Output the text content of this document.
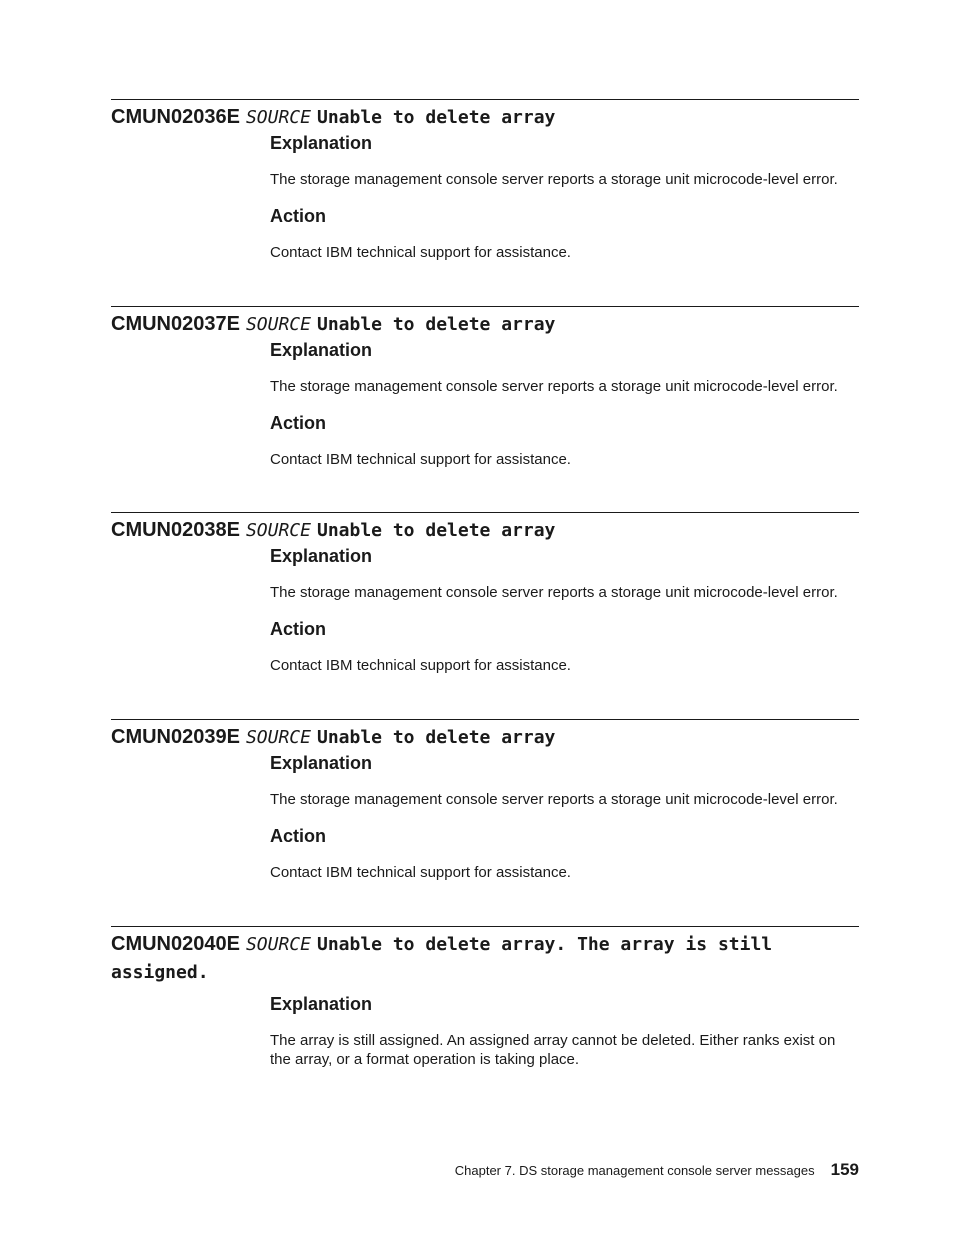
CMUN02036E SOURCE Unable to delete array

Explanation

The storage management console server reports a storage unit microcode-level error.

Action

Contact IBM technical support for assistance.

CMUN02037E SOURCE Unable to delete array

Explanation

The storage management console server reports a storage unit microcode-level error.

Action

Contact IBM technical support for assistance.

CMUN02038E SOURCE Unable to delete array

Explanation

The storage management console server reports a storage unit microcode-level error.

Action

Contact IBM technical support for assistance.

CMUN02039E SOURCE Unable to delete array

Explanation

The storage management console server reports a storage unit microcode-level error.

Action

Contact IBM technical support for assistance.

CMUN02040E SOURCE Unable to delete array. The array is still assigned.

Explanation

The array is still assigned. An assigned array cannot be deleted. Either ranks exist on the array, or a format operation is taking place.

Chapter 7. DS storage management console server messages 159
